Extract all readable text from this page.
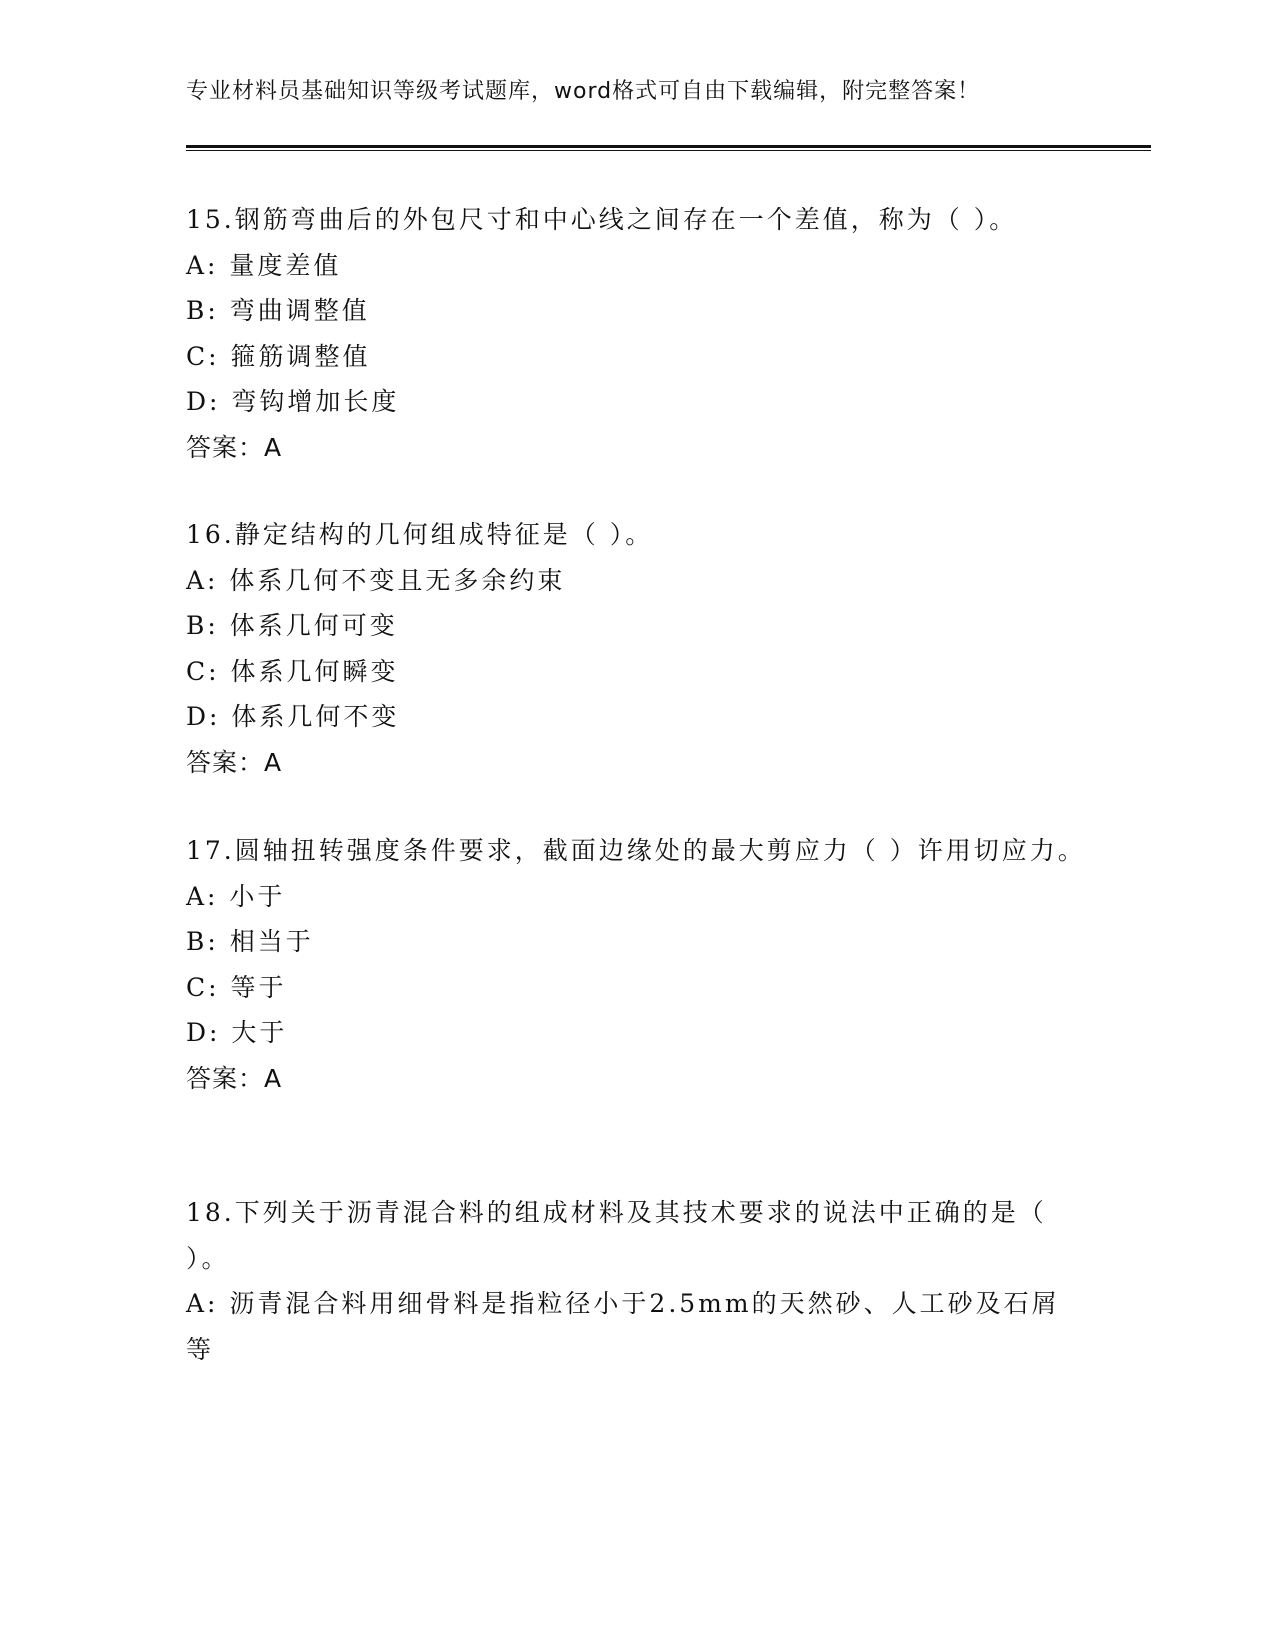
专业材料员基础知识等级考试题库，word格式可自由下载编辑，附完整答案！

15.钢筋弯曲后的外包尺寸和中心线之间存在一个差值，称为（ ）。

A: 量度差值

B: 弯曲调整值

C: 箍筋调整值

D: 弯钩增加长度

答案：A

16.静定结构的几何组成特征是（ ）。

A: 体系几何不变且无多余约束

B: 体系几何可变

C: 体系几何瞬变

D: 体系几何不变

答案：A

17.圆轴扭转强度条件要求，截面边缘处的最大剪应力（ ）许用切应力。

A: 小于

B: 相当于

C: 等于

D: 大于

答案：A

18.下列关于沥青混合料的组成材料及其技术要求的说法中正确的是（ ）。

A: 沥青混合料用细骨料是指粒径小于2.5mm的天然砂、人工砂及石屑等
